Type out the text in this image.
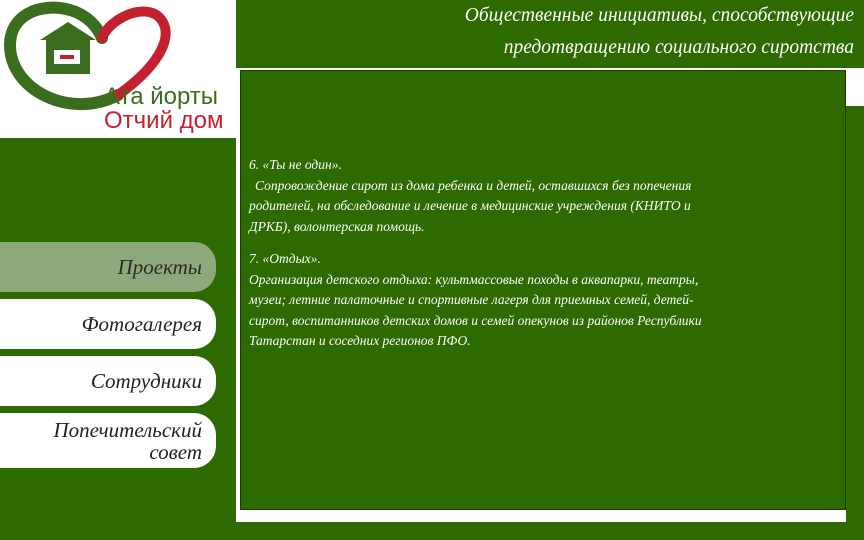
Ата йорты
Отчий дом
Общественные инициативы, способствующие
предотвращению социального сиротства
Проекты
Фотогалерея
Сотрудники
Попечительский
совет

6. «Ты не один».

Сопровождение сирот из дома ребенка и детей, оставшихся без попечения

родителей, на обследование и лечение в медицинские учреждения (КНИТО и

ДРКБ), волонтерская помощь.

7. «Отдых».

Организация детского отдыха: культмассовые походы в аквапарки, театры,

музеи; летние палаточные и спортивные лагеря для приемных семей, детей-

сирот, воспитанников детских домов и семей опекунов из районов Республики

Татарстан и соседних регионов ПФО.
